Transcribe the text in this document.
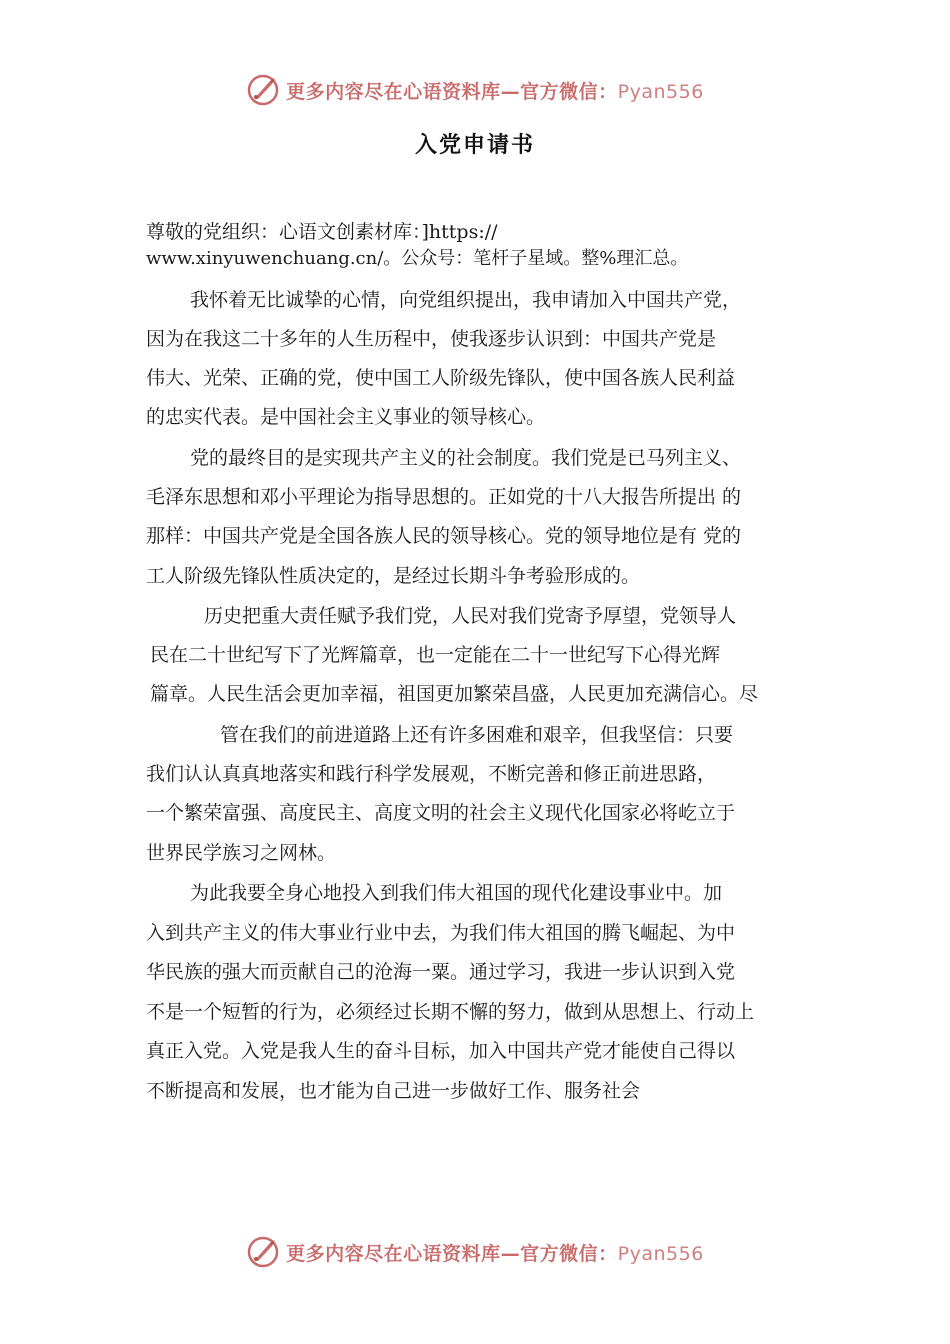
更多内容尽在心语资料库—官方微信：Pyan556
入党申请书
尊敬的党组织：心语文创素材库：]https://
www.xinyuwenchuang.cn/。公众号：笔杆子星域。整%理汇总。
我怀着无比诚挚的心情，向党组织提出，我申请加入中国共产党，
因为在我这二十多年的人生历程中，使我逐步认识到：中国共产党是
伟大、光荣、正确的党，使中国工人阶级先锋队，使中国各族人民利益
的忠实代表。是中国社会主义事业的领导核心。
党的最终目的是实现共产主义的社会制度。我们党是已马列主义、
毛泽东思想和邓小平理论为指导思想的。正如党的十八大报告所提出 的
那样：中国共产党是全国各族人民的领导核心。党的领导地位是有 党的
工人阶级先锋队性质决定的，是经过长期斗争考验形成的。
历史把重大责任赋予我们党，人民对我们党寄予厚望，党领导人
民在二十世纪写下了光辉篇章，也一定能在二十一世纪写下心得光辉
篇章。人民生活会更加幸福，祖国更加繁荣昌盛，人民更加充满信心。尽
管在我们的前进道路上还有许多困难和艰辛，但我坚信：只要
我们认认真真地落实和践行科学发展观，不断完善和修正前进思路，
一个繁荣富强、高度民主、高度文明的社会主义现代化国家必将屹立于
世界民学族习之网林。
为此我要全身心地投入到我们伟大祖国的现代化建设事业中。加
入到共产主义的伟大事业行业中去，为我们伟大祖国的腾飞崛起、为中
华民族的强大而贡献自己的沧海一粟。通过学习，我进一步认识到入党
不是一个短暂的行为，必须经过长期不懈的努力，做到从思想上、行动上
真正入党。入党是我人生的奋斗目标，加入中国共产党才能使自己得以
不断提高和发展，也才能为自己进一步做好工作、服务社会
更多内容尽在心语资料库—官方微信：Pyan556
